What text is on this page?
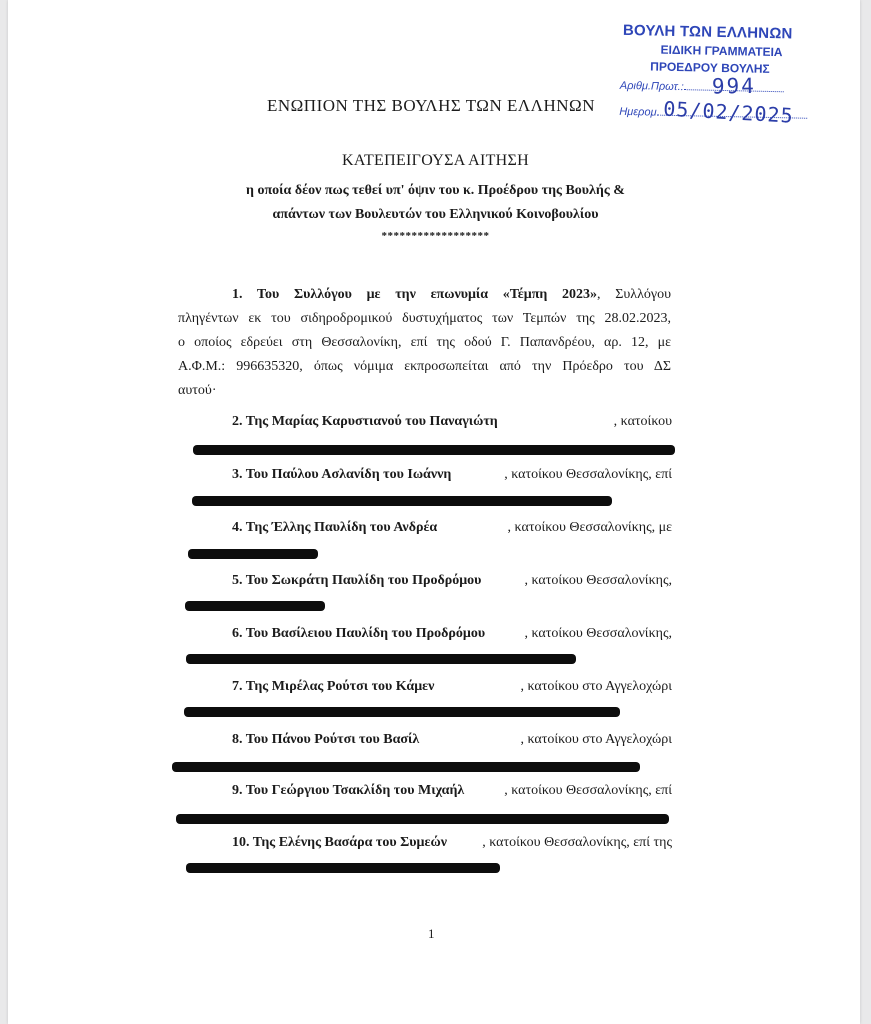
ΒΟΥΛΗ ΤΩΝ ΕΛΛΗΝΩΝ
ΕΙΔΙΚΗ ΓΡΑΜΜΑΤΕΙΑ
ΠΡΟΕΔΡΟΥ ΒΟΥΛΗΣ
Αριθμ.Πρωτ.: 994
Ημερομ. 05/02/2025
ΕΝΩΠΙΟΝ ΤΗΣ ΒΟΥΛΗΣ ΤΩΝ ΕΛΛΗΝΩΝ
ΚΑΤΕΠΕΙΓΟΥΣΑ ΑΙΤΗΣΗ
η οποία δέον πως τεθεί υπ' όψιν του κ. Προέδρου της Βουλής &
απάντων των Βουλευτών του Ελληνικού Κοινοβουλίου
******************
1. Του Συλλόγου με την επωνυμία «Τέμπη 2023», Συλλόγου
πληγέντων εκ του σιδηροδρομικού δυστυχήματος των Τεμπών της 28.02.2023,
ο οποίος εδρεύει στη Θεσσαλονίκη, επί της οδού Γ. Παπανδρέου, αρ. 12, με
Α.Φ.Μ.: 996635320, όπως νόμιμα εκπροσωπείται από την Πρόεδρο του ΔΣ
αυτού·
2. Της Μαρίας Καρυστιανού του Παναγιώτη	, κατοίκου
3. Του Παύλου Ασλανίδη του Ιωάννη	, κατοίκου Θεσσαλονίκης, επί
4. Της Έλλης Παυλίδη του Ανδρέα	, κατοίκου Θεσσαλονίκης, με
5. Του Σωκράτη Παυλίδη του Προδρόμου	, κατοίκου Θεσσαλονίκης,
6. Του Βασίλειου Παυλίδη του Προδρόμου	, κατοίκου Θεσσαλονίκης,
7. Της Μιρέλας Ρούτσι του Κάμεν	, κατοίκου στο Αγγελοχώρι
8. Του Πάνου Ρούτσι του Βασίλ	, κατοίκου στο Αγγελοχώρι
9. Του Γεώργιου Τσακλίδη του Μιχαήλ	, κατοίκου Θεσσαλονίκης, επί
10. Της Ελένης Βασάρα του Συμεών	, κατοίκου Θεσσαλονίκης, επί της
1
